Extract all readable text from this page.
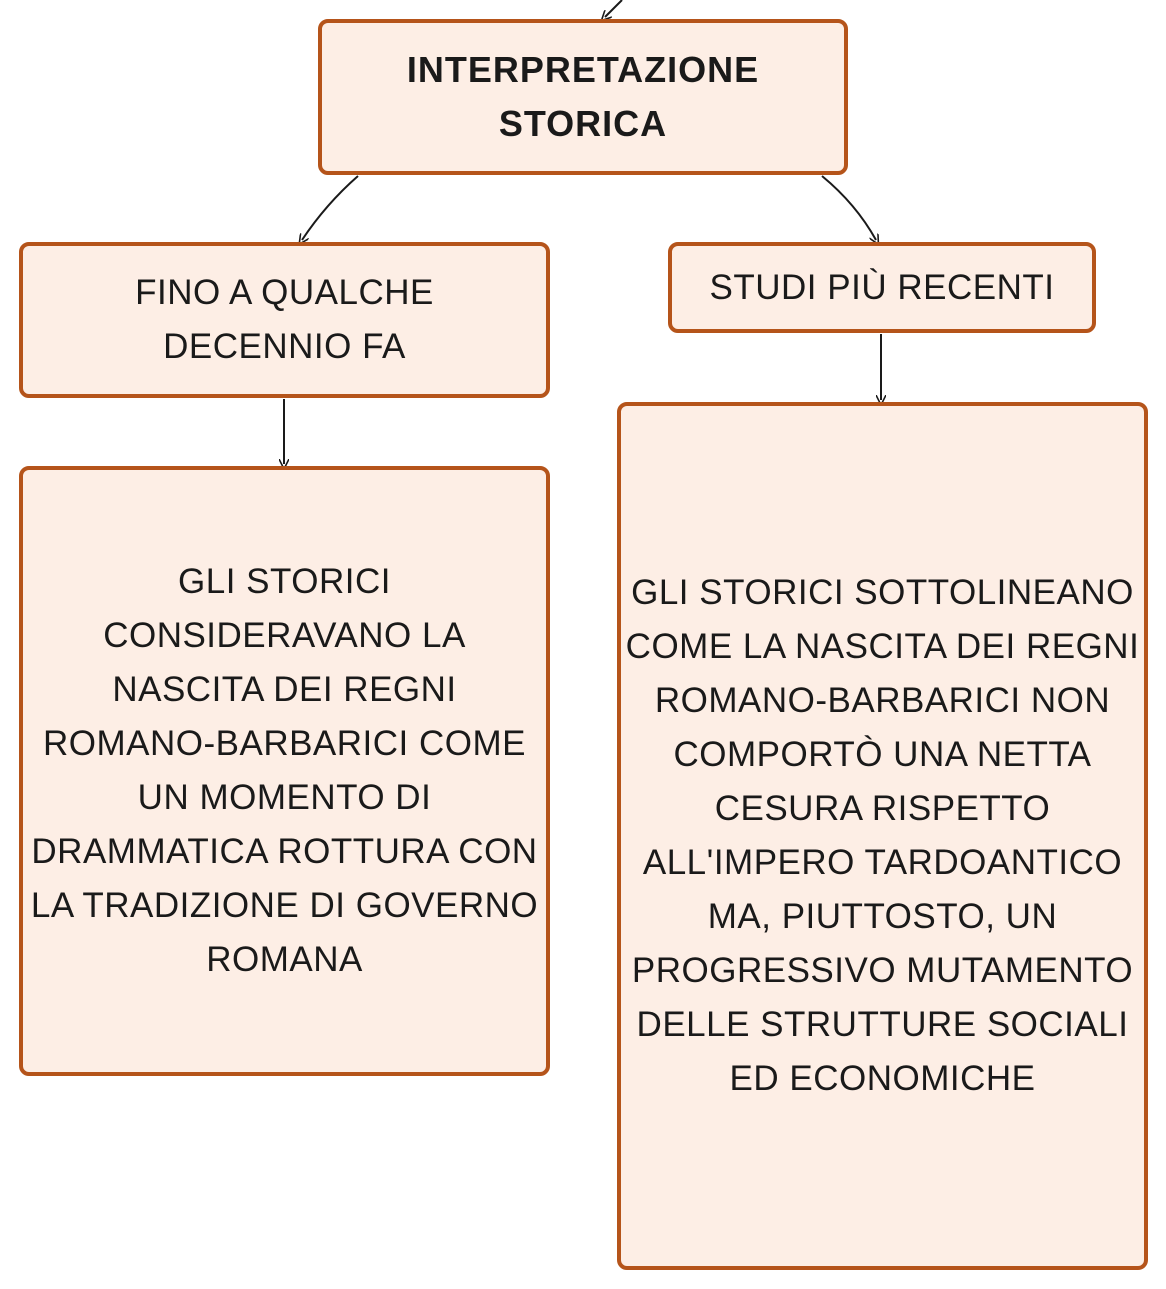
INTERPRETAZIONE
STORICA
FINO A QUALCHE DECENNIO FA
STUDI PIÙ RECENTI
GLI STORICI CONSIDERAVANO LA NASCITA DEI REGNI ROMANO-BARBARICI COME UN MOMENTO DI DRAMMATICA ROTTURA CON LA TRADIZIONE DI GOVERNO ROMANA
GLI STORICI SOTTOLINEANO COME LA NASCITA DEI REGNI ROMANO-BARBARICI NON COMPORTÒ UNA NETTA CESURA RISPETTO ALL'IMPERO TARDOANTICO MA, PIUTTOSTO, UN PROGRESSIVO MUTAMENTO DELLE STRUTTURE SOCIALI ED ECONOMICHE
